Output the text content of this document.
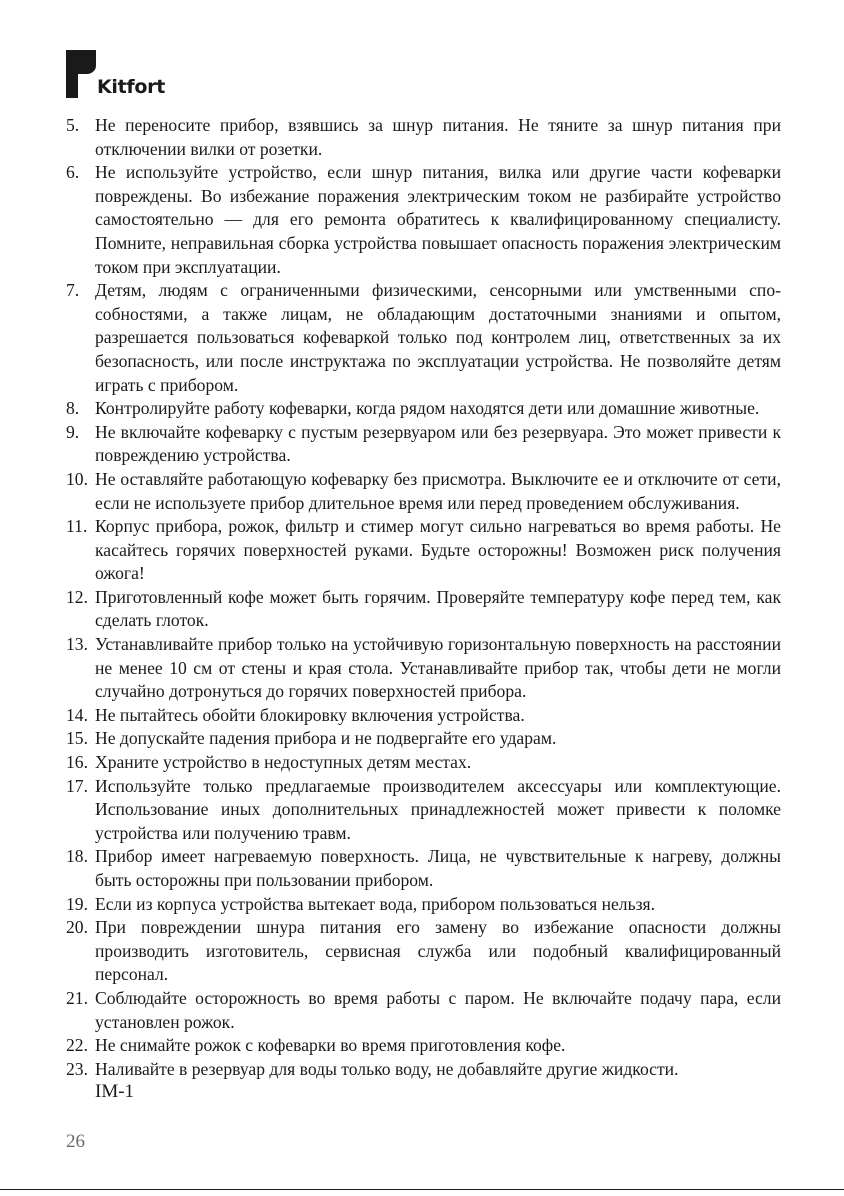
Kitfort
5. Не переносите прибор, взявшись за шнур питания. Не тяните за шнур питания при отключении вилки от розетки.
6. Не используйте устройство, если шнур питания, вилка или другие части кофеварки повреждены. Во избежание поражения электрическим током не разбирайте устройство самостоятельно — для его ремонта обратитесь к квалифицированному специалисту. Помните, неправильная сборка устройства повышает опасность поражения электрическим током при эксплуатации.
7. Детям, людям с ограниченными физическими, сенсорными или умственными способностями, а также лицам, не обладающим достаточными знаниями и опытом, разрешается пользоваться кофеваркой только под контролем лиц, ответственных за их безопасность, или после инструктажа по эксплуатации устройства. Не позволяйте детям играть с прибором.
8. Контролируйте работу кофеварки, когда рядом находятся дети или домашние животные.
9. Не включайте кофеварку с пустым резервуаром или без резервуара. Это может привести к повреждению устройства.
10. Не оставляйте работающую кофеварку без присмотра. Выключите ее и отключите от сети, если не используете прибор длительное время или перед проведением обслуживания.
11. Корпус прибора, рожок, фильтр и стимер могут сильно нагреваться во время работы. Не касайтесь горячих поверхностей руками. Будьте осторожны! Возможен риск получения ожога!
12. Приготовленный кофе может быть горячим. Проверяйте температуру кофе перед тем, как сделать глоток.
13. Устанавливайте прибор только на устойчивую горизонтальную поверхность на расстоянии не менее 10 см от стены и края стола. Устанавливайте прибор так, чтобы дети не могли случайно дотронуться до горячих поверхностей прибора.
14. Не пытайтесь обойти блокировку включения устройства.
15. Не допускайте падения прибора и не подвергайте его ударам.
16. Храните устройство в недоступных детям местах.
17. Используйте только предлагаемые производителем аксессуары или комплектующие. Использование иных дополнительных принадлежностей может привести к поломке устройства или получению травм.
18. Прибор имеет нагреваемую поверхность. Лица, не чувствительные к нагреву, должны быть осторожны при пользовании прибором.
19. Если из корпуса устройства вытекает вода, прибором пользоваться нельзя.
20. При повреждении шнура питания его замену во избежание опасности должны производить изготовитель, сервисная служба или подобный квалифицированный персонал.
21. Соблюдайте осторожность во время работы с паром. Не включайте подачу пара, если установлен рожок.
22. Не снимайте рожок с кофеварки во время приготовления кофе.
23. Наливайте в резервуар для воды только воду, не добавляйте другие жидкости.
IM-1
26
